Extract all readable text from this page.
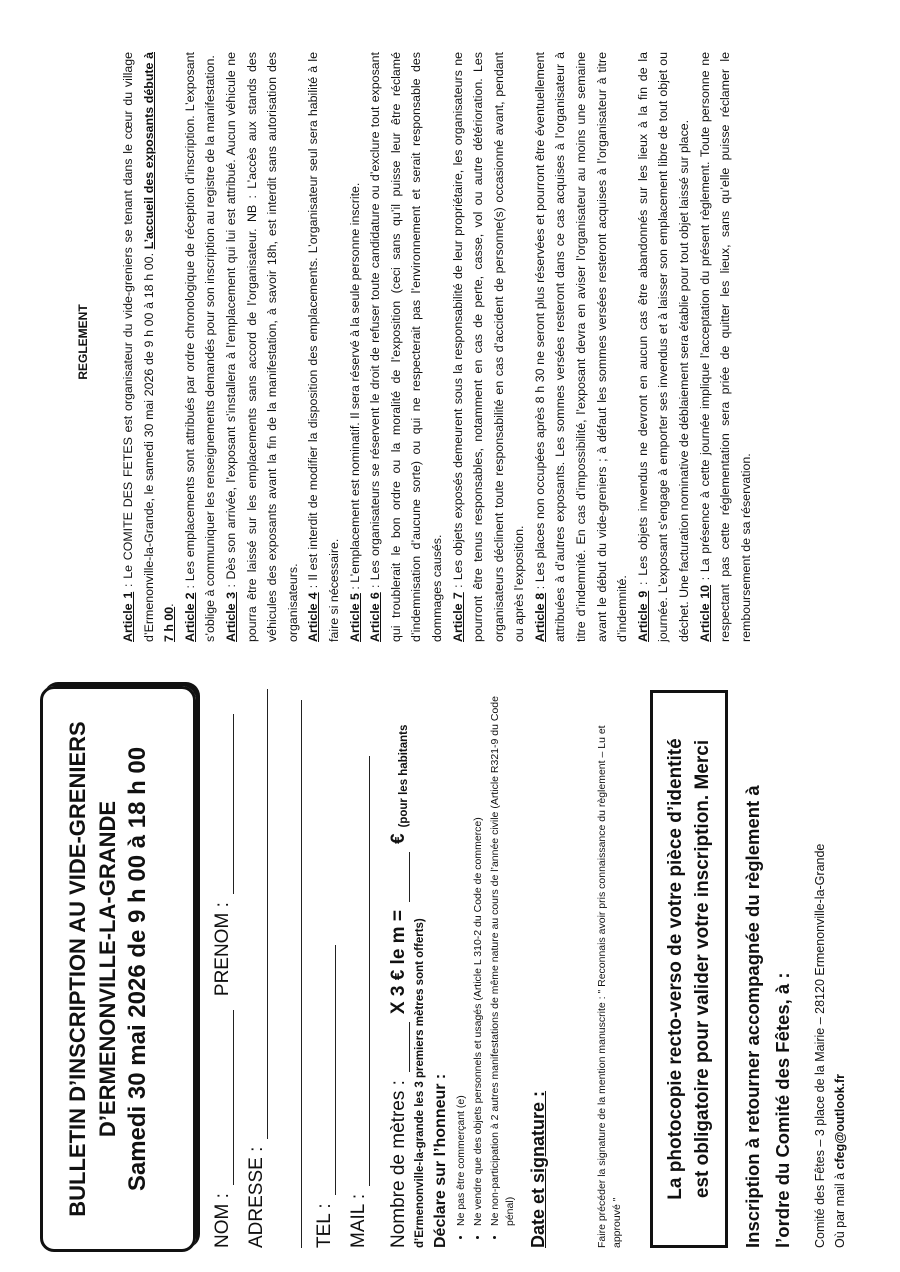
BULLETIN D’INSCRIPTION AU VIDE-GRENIERS D’ERMENONVILLE-LA-GRANDE Samedi 30 mai 2026 de 9 h 00 à 18 h 00
NOM :
PRENOM :
ADRESSE : TEL : MAIL : Nombre de mètres :
X 3 € le m =
€
(pour les habitants
d’Ermenonville-la-grande les 3 premiers mètres sont offerts) Déclare sur l’honneur : • Ne pas être commerçant (e) • Ne vendre que des objets personnels et usagés (Article L 310-2 du Code de commerce) • Ne non-participation à 2 autres manifestations de même nature au cours de l’année civile (Article R321-9 du Code pénal) Date et signature :	Faire précéder la signature de la mention manuscrite : " Reconnais avoir pris connaissance du règlement – Lu et approuvé "
La photocopie recto-verso de votre pièce d’identité est obligatoire pour valider votre inscription. Merci Inscription à retourner accompagnée du règlement à l’ordre du Comité des Fêtes, à :	Comité des Fêtes – 3 place de la Mairie – 28120 Ermenonville-la-Grande Où par mail à cfeg@outlook.fr
REGLEMENT

Article 1 : Le COMITE DES FETES est organisateur du vide-greniers se tenant dans le cœur du village d’Ermenonville-la-Grande, le samedi 30 mai 2026 de 9 h 00 à 18 h 00. L’accueil des exposants débute à 7 h 00. Article 2 : Les emplacements sont attribués par ordre chronologique de réception d’inscription. L’exposant s’oblige à communiquer les renseignements demandés pour son inscription au registre de la manifestation. Article 3 : Dès son arrivée, l’exposant s’installera à l’emplacement qui lui est attribué. Aucun véhicule ne pourra être laissé sur les emplacements sans accord de l’organisateur. NB : L’accès aux stands des véhicules des exposants avant la fin de la manifestation, à savoir 18h, est interdit sans autorisation des organisateurs. Article 4 : Il est interdit de modifier la disposition des emplacements. L’organisateur seul sera habilité à le faire si nécessaire. Article 5 : L’emplacement est nominatif. Il sera réservé à la seule personne inscrite.

Article 6 : Les organisateurs se réservent le droit de refuser toute candidature ou d’exclure tout exposant qui troublerait le bon ordre ou la moralité de l’exposition (ceci sans qu’il puisse leur être réclamé d’indemnisation d’aucune sorte) ou qui ne respecterait pas l’environnement et serait responsable des dommages causés. Article 7 : Les objets exposés demeurent sous la responsabilité de leur propriétaire, les organisateurs ne pourront être tenus responsables, notamment en cas de perte, casse, vol ou autre détérioration. Les organisateurs déclinent toute responsabilité en cas d’accident de personne(s) occasionné avant, pendant ou après l’exposition. Article 8 : Les places non occupées après 8 h 30 ne seront plus réservées et pourront être éventuellement attribuées à d’autres exposants. Les sommes versées resteront dans ce cas acquises à l’organisateur à titre d’indemnité. En cas d’impossibilité, l’exposant devra en aviser l’organisateur au moins une semaine avant le début du vide-greniers ; à défaut les sommes versées resteront acquises à l’organisateur à titre d’indemnité. Article 9 : Les objets invendus ne devront en aucun cas être abandonnés sur les lieux à la fin de la journée. L’exposant s’engage à emporter ses invendus et à laisser son emplacement libre de tout objet ou déchet. Une facturation nominative de déblaiement sera établie pour tout objet laissé sur place. Article 10 : La présence à cette journée implique l’acceptation du présent règlement. Toute personne ne respectant pas cette réglementation sera priée de quitter les lieux, sans qu’elle puisse réclamer le remboursement de sa réservation.
